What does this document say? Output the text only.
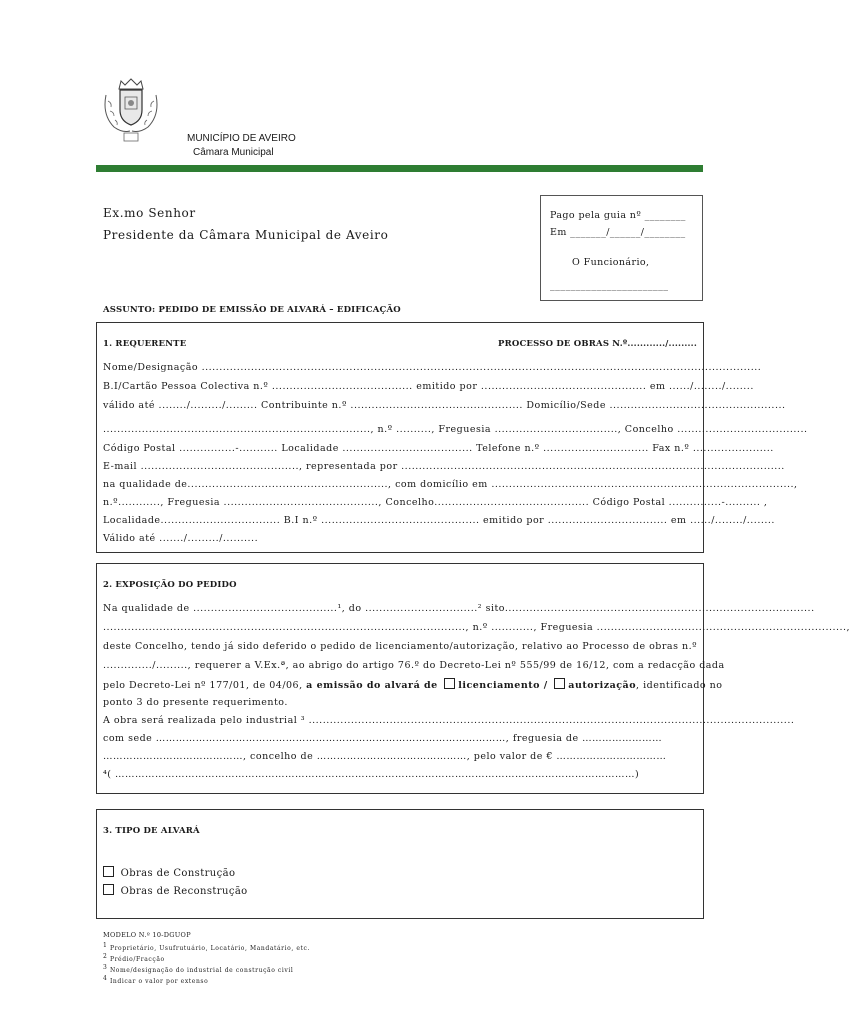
MUNICÍPIO DE AVEIRO
Câmara Municipal
Ex.mo Senhor
Presidente da Câmara Municipal de Aveiro
Pago pela guia nº ________
Em _______/______/________
O Funcionário,
_______________________
ASSUNTO: PEDIDO DE EMISSÃO DE ALVARÁ – EDIFICAÇÃO
1. REQUERENTE	PROCESSO DE OBRAS N.º............/.........
Nome/Designação ...............................................................................................................................................................
B.I/Cartão Pessoa Colectiva n.º ........................................ emitido por ............................................... em ....../......../........
válido até ......../........./......... Contribuinte n.º ................................................. Domicílio/Sede ..................................................
............................................................................, n.º .........., Freguesia ..................................., Concelho .....................................
Código Postal ................-........... Localidade ..................................... Telefone n.º .............................. Fax n.º .......................
E-mail ............................................., representada por .............................................................................................................
na qualidade de........................................................., com domicílio em ......................................................................................,
n.º............, Freguesia ............................................, Concelho............................................ Código Postal ...............-.......... ,
Localidade.................................. B.I n.º ............................................. emitido por .................................. em ....../......../........
Válido até ......./........./..........
2. EXPOSIÇÃO DO PEDIDO
Na qualidade de .........................................¹, do ................................² sito........................................................................................
......................................................................................................., n.º ............, Freguesia .......................................................................,
deste Concelho, tendo já sido deferido o pedido de licenciamento/autorização, relativo ao Processo de obras n.º
............../........., requerer a V.Ex.ª, ao abrigo do artigo 76.º do Decreto-Lei nº 555/99 de 16/12, com a redacção dada
pelo Decreto-Lei nº 177/01, de 04/06, a emissão do alvará de licenciamento / autorização, identificado no
ponto 3 do presente requerimento.
A obra será realizada pelo industrial ³ ..........................................................................................................................................
com sede ……………………………………………………………………………………………, freguesia de ……………………
……………………………………, concelho de ………………………………………, pelo valor de € ……………………………
⁴( …………………………………………………………………………………………………………………………………………)
3. TIPO DE ALVARÁ
Obras de Construção
Obras de Reconstrução
MODELO N.º 10-DGUOP
$^1$ Proprietário, Usufrutuário, Locatário, Mandatário, etc.
$^2$ Prédio/Fracção
$^3$ Nome/designação do industrial de construção civil
$^4$ Indicar o valor por extenso
